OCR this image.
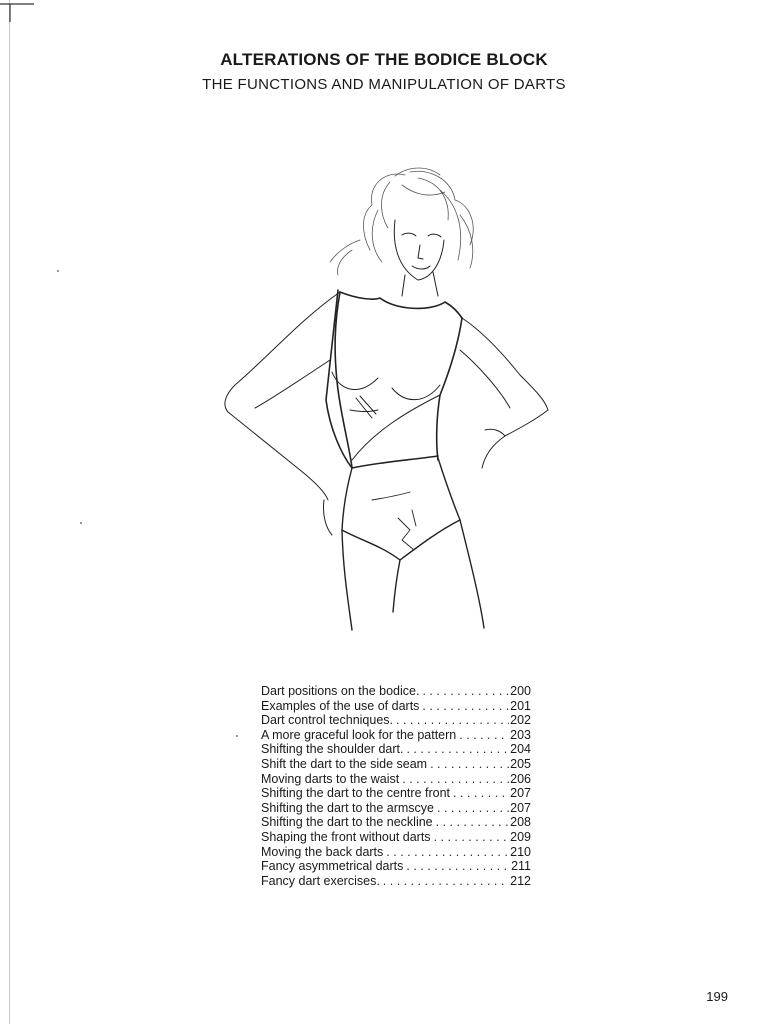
ALTERATIONS OF THE BODICE BLOCK
THE FUNCTIONS AND MANIPULATION OF DARTS
Dart positions on the bodice. . . .	200
Examples of the use of darts . . .	201
Dart control techniques. . . .	202
A more graceful look for the pattern . . .	203
Shifting the shoulder dart. . . .	204
Shift the dart to the side seam . . .	205
Moving darts to the waist . . .	206
Shifting the dart to the centre front . . .	207
Shifting the dart to the armscye . . .	207
Shifting the dart to the neckline . . .	208
Shaping the front without darts . . .	209
Moving the back darts . . .	210
Fancy asymmetrical darts . . .	211
Fancy dart exercises. . . .	212
199
